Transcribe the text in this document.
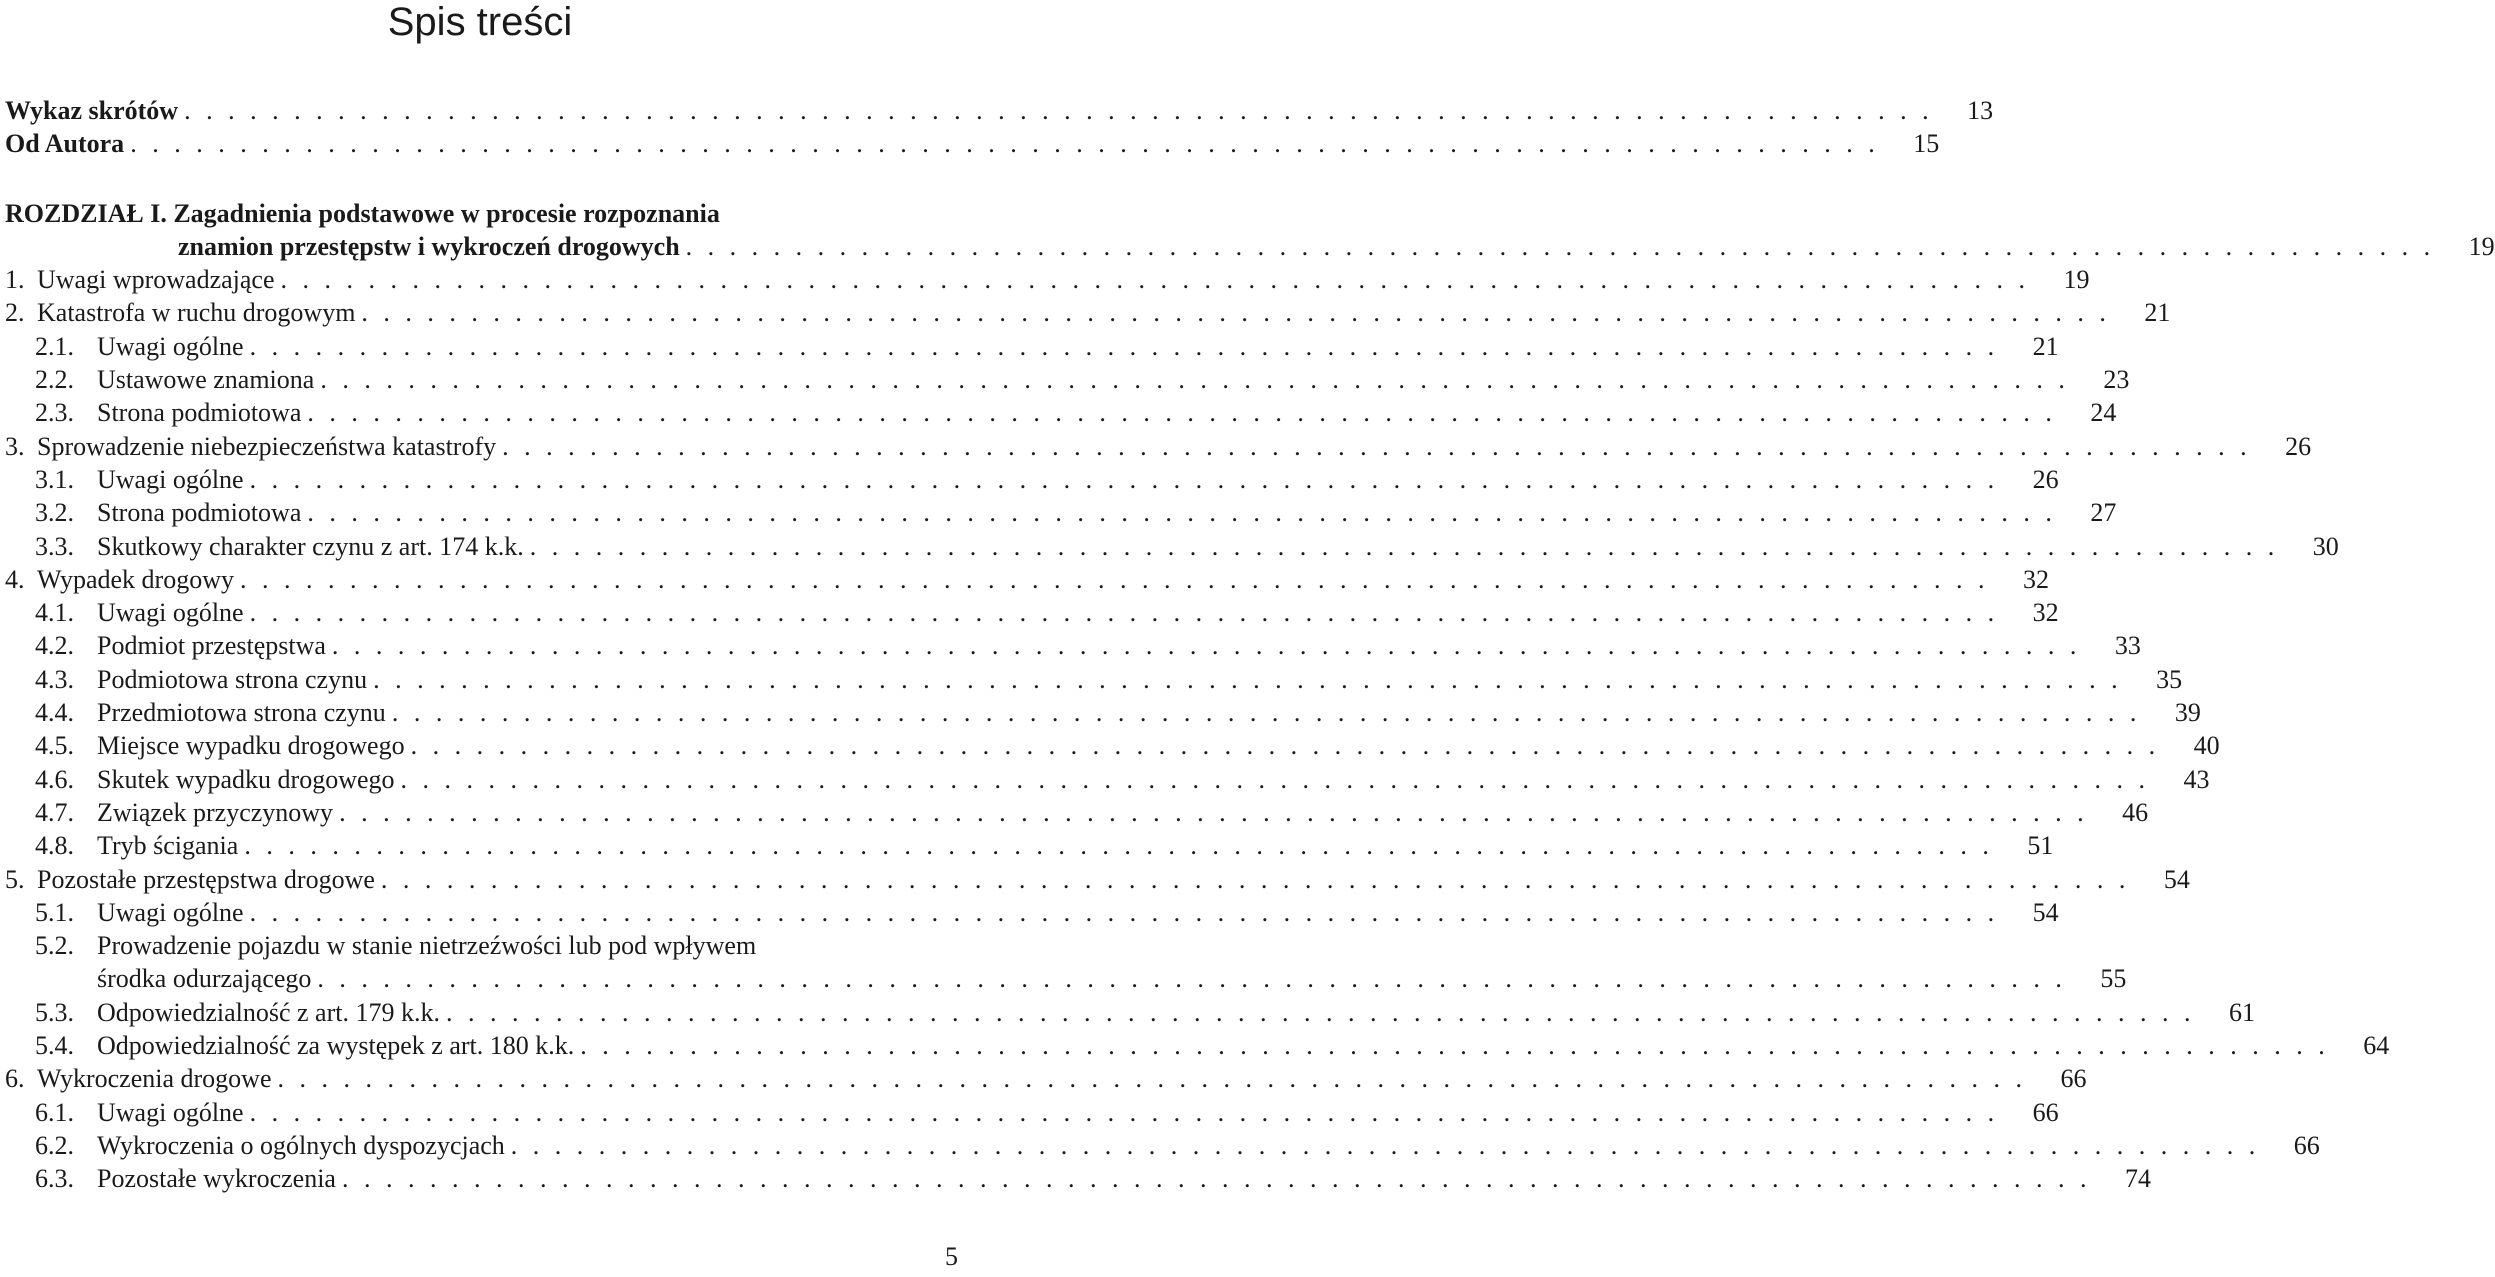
Spis treści
Wykaz skrótów . . . . . . . . . . . . . . . . . . . . . . . . . . . . . . . . . . . . . . . . . . . . . . . . . . . . . . . . . . . . . . . . . . . . . . . . . . . . . . . .	13
Od Autora . . . . . . . . . . . . . . . . . . . . . . . . . . . . . . . . . . . . . . . . . . . . . . . . . . . . . . . . . . . . . . . . . . . . . . . . . . . . . . . .	15
ROZDZIAŁ I. Zagadnienia podstawowe w procesie rozpoznania
znamion przestępstw i wykroczeń drogowych . . . . . . . . . . . . . . . . . . . . . . . . . . . . . . . . . . . . . . . . . . . . . . . . . . . . . . . . . . . . . . . . . . . . . . . . . . . . . . . .	19
1. Uwagi wprowadzające . . . . . . . . . . . . . . . . . . . . . . . . . . . . . . . . . . . . . . . . . . . . . . . . . . . . . . . . . . . . . . . . . . . . . . . . . . . . . . . .	19
2. Katastrofa w ruchu drogowym . . . . . . . . . . . . . . . . . . . . . . . . . . . . . . . . . . . . . . . . . . . . . . . . . . . . . . . . . . . . . . . . . . . . . . . . . . . . . . . .	21
2.1. Uwagi ogólne . . . . . . . . . . . . . . . . . . . . . . . . . . . . . . . . . . . . . . . . . . . . . . . . . . . . . . . . . . . . . . . . . . . . . . . . . . . . . . . .	21
2.2. Ustawowe znamiona . . . . . . . . . . . . . . . . . . . . . . . . . . . . . . . . . . . . . . . . . . . . . . . . . . . . . . . . . . . . . . . . . . . . . . . . . . . . . . . .	23
2.3. Strona podmiotowa . . . . . . . . . . . . . . . . . . . . . . . . . . . . . . . . . . . . . . . . . . . . . . . . . . . . . . . . . . . . . . . . . . . . . . . . . . . . . . . .	24
3. Sprowadzenie niebezpieczeństwa katastrofy . . . . . . . . . . . . . . . . . . . . . . . . . . . . . . . . . . . . . . . . . . . . . . . . . . . . . . . . . . . . . . . . . . . . . . . . . . . . . . . .	26
3.1. Uwagi ogólne . . . . . . . . . . . . . . . . . . . . . . . . . . . . . . . . . . . . . . . . . . . . . . . . . . . . . . . . . . . . . . . . . . . . . . . . . . . . . . . .	26
3.2. Strona podmiotowa . . . . . . . . . . . . . . . . . . . . . . . . . . . . . . . . . . . . . . . . . . . . . . . . . . . . . . . . . . . . . . . . . . . . . . . . . . . . . . . .	27
3.3. Skutkowy charakter czynu z art. 174 k.k. . . . . . . . . . . . . . . . . . . . . . . . . . . . . . . . . . . . . . . . . . . . . . . . . . . . . . . . . . . . . . . . . . . . . . . . . . . . . . . . .	30
4. Wypadek drogowy . . . . . . . . . . . . . . . . . . . . . . . . . . . . . . . . . . . . . . . . . . . . . . . . . . . . . . . . . . . . . . . . . . . . . . . . . . . . . . . .	32
4.1. Uwagi ogólne . . . . . . . . . . . . . . . . . . . . . . . . . . . . . . . . . . . . . . . . . . . . . . . . . . . . . . . . . . . . . . . . . . . . . . . . . . . . . . . .	32
4.2. Podmiot przestępstwa . . . . . . . . . . . . . . . . . . . . . . . . . . . . . . . . . . . . . . . . . . . . . . . . . . . . . . . . . . . . . . . . . . . . . . . . . . . . . . . .	33
4.3. Podmiotowa strona czynu . . . . . . . . . . . . . . . . . . . . . . . . . . . . . . . . . . . . . . . . . . . . . . . . . . . . . . . . . . . . . . . . . . . . . . . . . . . . . . . .	35
4.4. Przedmiotowa strona czynu . . . . . . . . . . . . . . . . . . . . . . . . . . . . . . . . . . . . . . . . . . . . . . . . . . . . . . . . . . . . . . . . . . . . . . . . . . . . . . . .	39
4.5. Miejsce wypadku drogowego . . . . . . . . . . . . . . . . . . . . . . . . . . . . . . . . . . . . . . . . . . . . . . . . . . . . . . . . . . . . . . . . . . . . . . . . . . . . . . . .	40
4.6. Skutek wypadku drogowego . . . . . . . . . . . . . . . . . . . . . . . . . . . . . . . . . . . . . . . . . . . . . . . . . . . . . . . . . . . . . . . . . . . . . . . . . . . . . . . .	43
4.7. Związek przyczynowy . . . . . . . . . . . . . . . . . . . . . . . . . . . . . . . . . . . . . . . . . . . . . . . . . . . . . . . . . . . . . . . . . . . . . . . . . . . . . . . .	46
4.8. Tryb ścigania . . . . . . . . . . . . . . . . . . . . . . . . . . . . . . . . . . . . . . . . . . . . . . . . . . . . . . . . . . . . . . . . . . . . . . . . . . . . . . . .	51
5. Pozostałe przestępstwa drogowe . . . . . . . . . . . . . . . . . . . . . . . . . . . . . . . . . . . . . . . . . . . . . . . . . . . . . . . . . . . . . . . . . . . . . . . . . . . . . . . .	54
5.1. Uwagi ogólne . . . . . . . . . . . . . . . . . . . . . . . . . . . . . . . . . . . . . . . . . . . . . . . . . . . . . . . . . . . . . . . . . . . . . . . . . . . . . . . .	54
5.2. Prowadzenie pojazdu w stanie nietrzeźwości lub pod wpływem
środka odurzającego . . . . . . . . . . . . . . . . . . . . . . . . . . . . . . . . . . . . . . . . . . . . . . . . . . . . . . . . . . . . . . . . . . . . . . . . . . . . . . . .	55
5.3. Odpowiedzialność z art. 179 k.k. . . . . . . . . . . . . . . . . . . . . . . . . . . . . . . . . . . . . . . . . . . . . . . . . . . . . . . . . . . . . . . . . . . . . . . . . . . . . . . . .	61
5.4. Odpowiedzialność za występek z art. 180 k.k. . . . . . . . . . . . . . . . . . . . . . . . . . . . . . . . . . . . . . . . . . . . . . . . . . . . . . . . . . . . . . . . . . . . . . . . . . . . . . . . .	64
6. Wykroczenia drogowe . . . . . . . . . . . . . . . . . . . . . . . . . . . . . . . . . . . . . . . . . . . . . . . . . . . . . . . . . . . . . . . . . . . . . . . . . . . . . . . .	66
6.1. Uwagi ogólne . . . . . . . . . . . . . . . . . . . . . . . . . . . . . . . . . . . . . . . . . . . . . . . . . . . . . . . . . . . . . . . . . . . . . . . . . . . . . . . .	66
6.2. Wykroczenia o ogólnych dyspozycjach . . . . . . . . . . . . . . . . . . . . . . . . . . . . . . . . . . . . . . . . . . . . . . . . . . . . . . . . . . . . . . . . . . . . . . . . . . . . . . . .	66
6.3. Pozostałe wykroczenia . . . . . . . . . . . . . . . . . . . . . . . . . . . . . . . . . . . . . . . . . . . . . . . . . . . . . . . . . . . . . . . . . . . . . . . . . . . . . . . .	74
5
